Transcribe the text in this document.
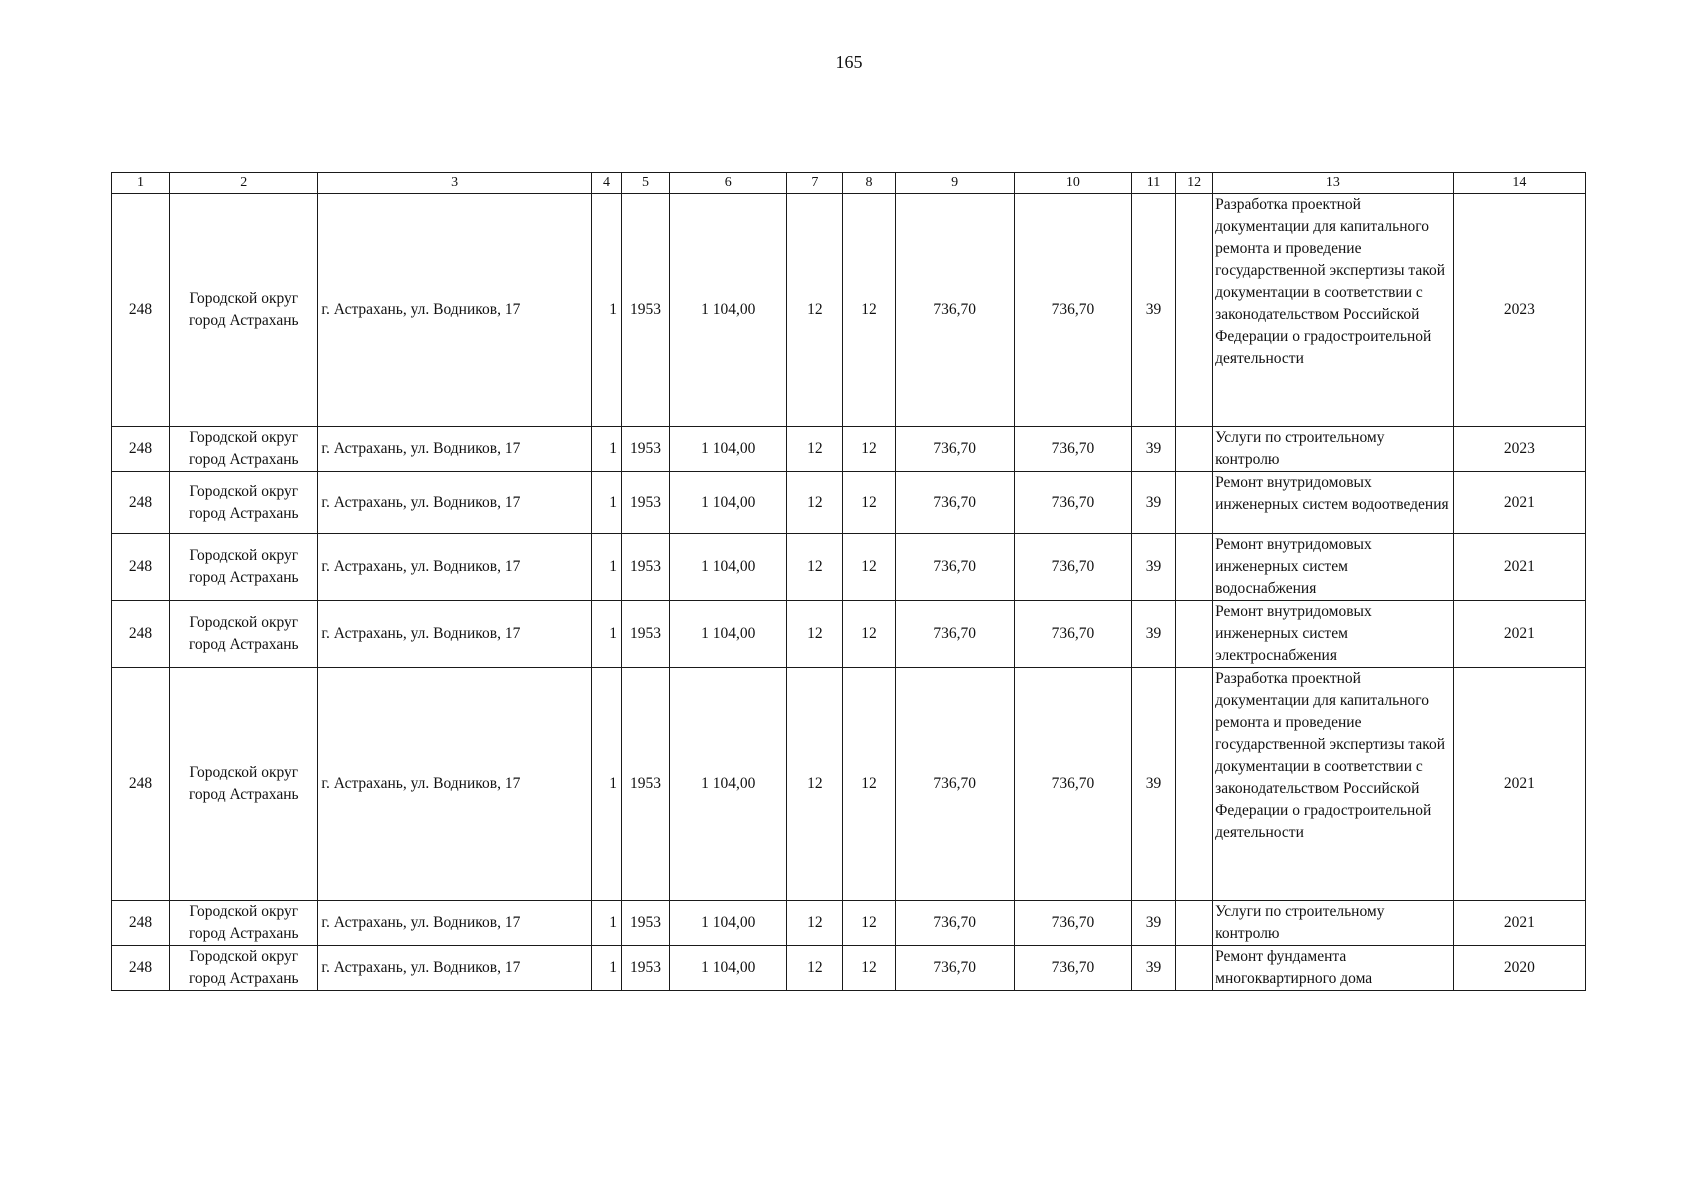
165
1	2	3	4	5	6	7	8	9	10	11	12	13	14
248	Городской округ город Астрахань	г. Астрахань, ул. Водников, 17	1	1953	1 104,00	12	12	736,70	736,70	39		Разработка проектной документации для капитального ремонта и проведение государственной экспертизы такой документации в соответствии с законодательством Российской Федерации о градостроительной деятельности	2023
248	Городской округ город Астрахань	г. Астрахань, ул. Водников, 17	1	1953	1 104,00	12	12	736,70	736,70	39		Услуги по строительному контролю	2023
248	Городской округ город Астрахань	г. Астрахань, ул. Водников, 17	1	1953	1 104,00	12	12	736,70	736,70	39		Ремонт внутридомовых инженерных систем водоотведения	2021
248	Городской округ город Астрахань	г. Астрахань, ул. Водников, 17	1	1953	1 104,00	12	12	736,70	736,70	39		Ремонт внутридомовых инженерных систем водоснабжения	2021
248	Городской округ город Астрахань	г. Астрахань, ул. Водников, 17	1	1953	1 104,00	12	12	736,70	736,70	39		Ремонт внутридомовых инженерных систем электроснабжения	2021
248	Городской округ город Астрахань	г. Астрахань, ул. Водников, 17	1	1953	1 104,00	12	12	736,70	736,70	39		Разработка проектной документации для капитального ремонта и проведение государственной экспертизы такой документации в соответствии с законодательством Российской Федерации о градостроительной деятельности	2021
248	Городской округ город Астрахань	г. Астрахань, ул. Водников, 17	1	1953	1 104,00	12	12	736,70	736,70	39		Услуги по строительному контролю	2021
248	Городской округ город Астрахань	г. Астрахань, ул. Водников, 17	1	1953	1 104,00	12	12	736,70	736,70	39		Ремонт фундамента многоквартирного дома	2020
